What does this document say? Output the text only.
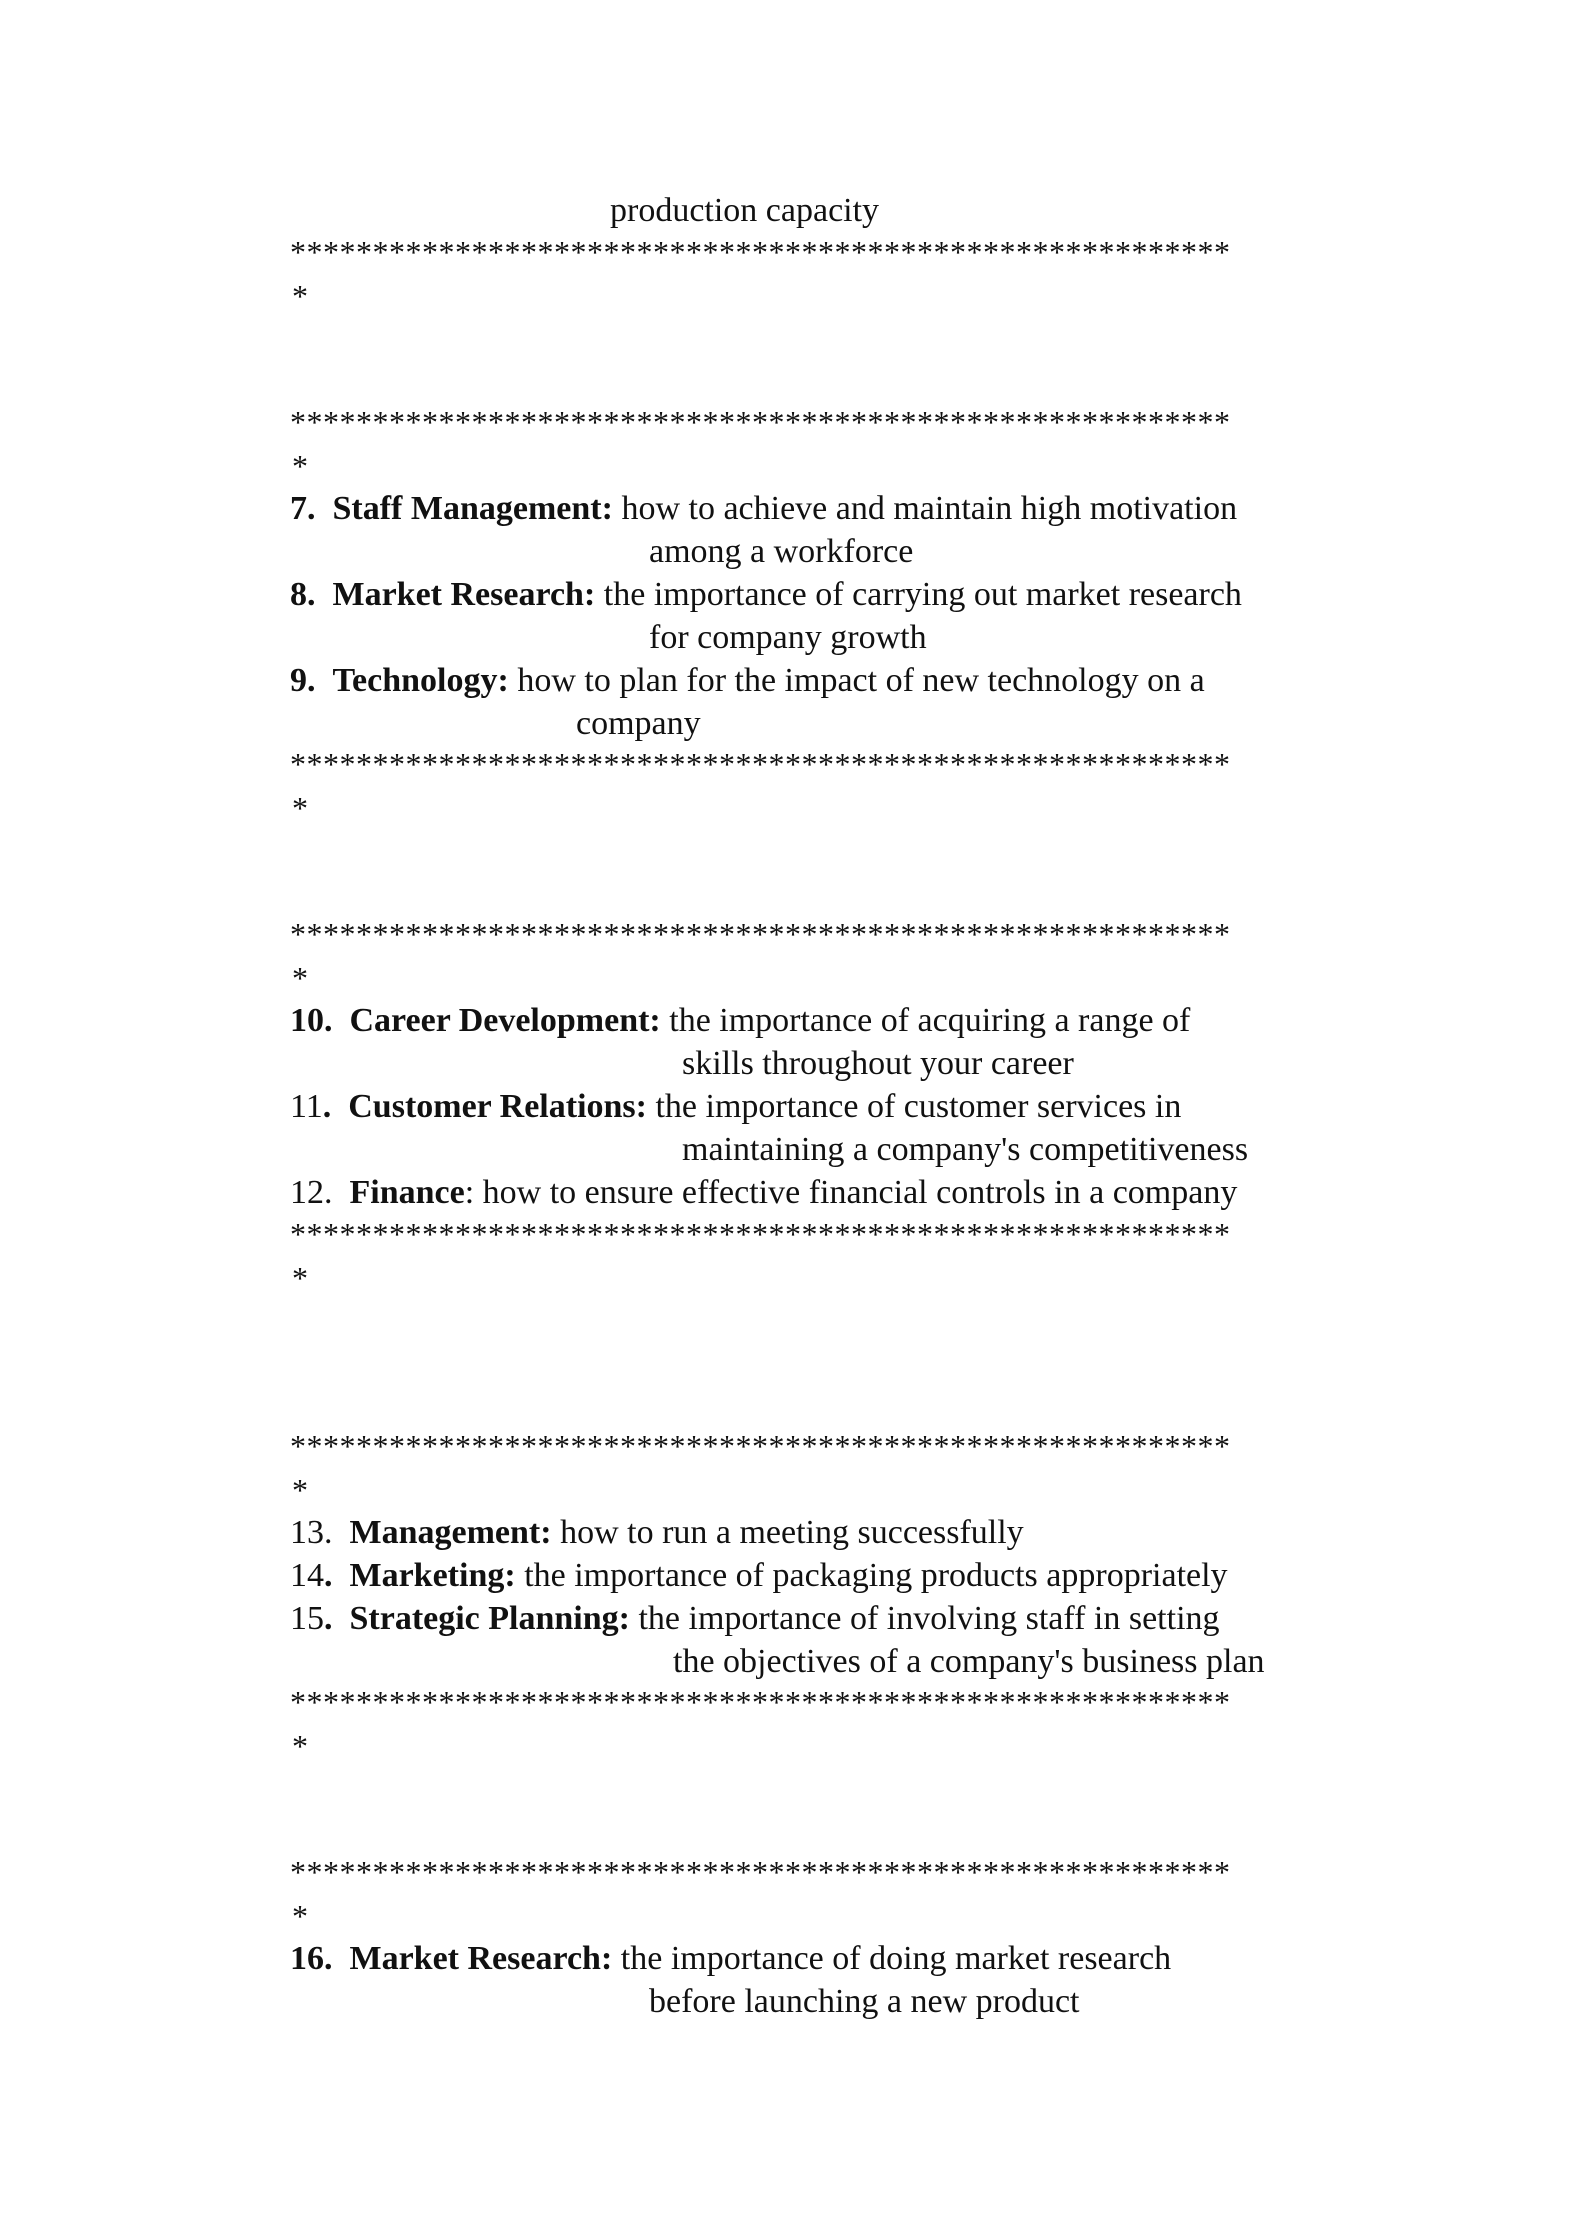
production capacity
*********************************************************
*
*********************************************************
*
7. Staff Management: how to achieve and maintain high motivation
among a workforce
8. Market Research: the importance of carrying out market research
for company growth
9. Technology: how to plan for the impact of new technology on a
company
*********************************************************
*
*********************************************************
*
10. Career Development: the importance of acquiring a range of
skills throughout your career
11. Customer Relations: the importance of customer services in
maintaining a company's competitiveness
12. Finance: how to ensure effective financial controls in a company
*********************************************************
*
*********************************************************
*
13. Management: how to run a meeting successfully
14. Marketing: the importance of packaging products appropriately
15. Strategic Planning: the importance of involving staff in setting
the objectives of a company's business plan
*********************************************************
*
*********************************************************
*
16. Market Research: the importance of doing market research
before launching a new product
